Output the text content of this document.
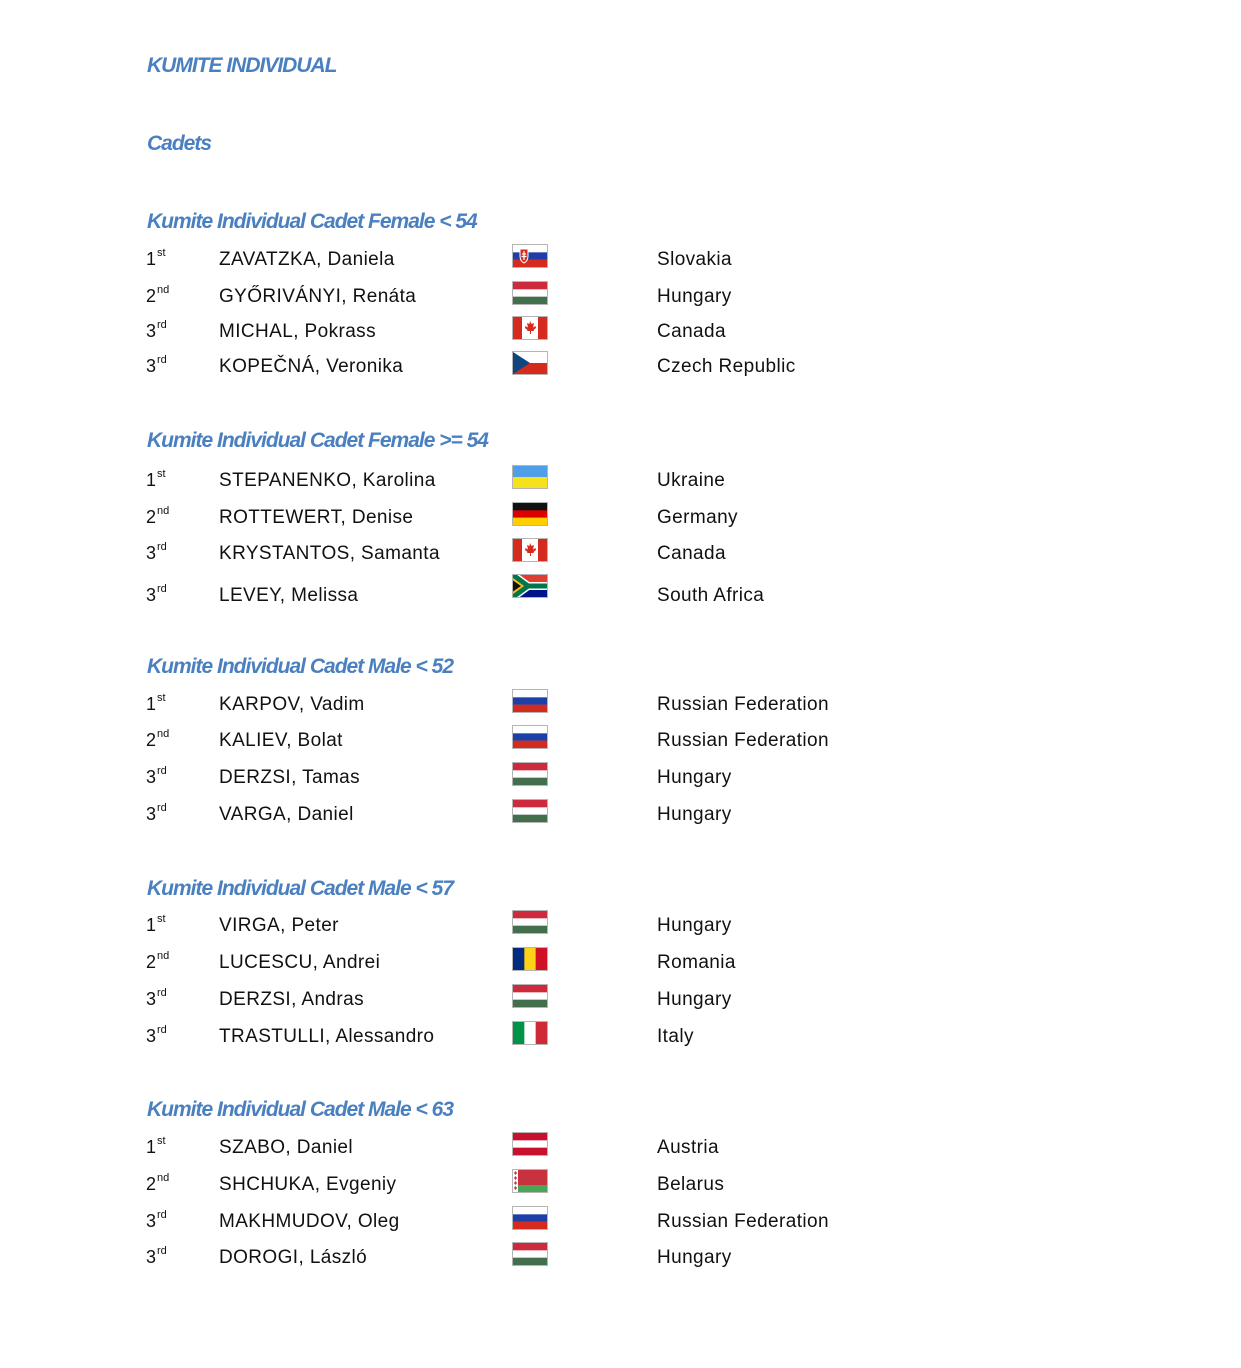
KUMITE INDIVIDUAL
Cadets
Kumite Individual Cadet Female < 54
1st	ZAVATZKA, Daniela	Slovakia
2nd	GYŐRIVÁNYI, Renáta	Hungary
3rd	MICHAL, Pokrass	Canada
3rd	KOPEČNÁ, Veronika	Czech Republic
Kumite Individual Cadet Female >= 54
1st	STEPANENKO, Karolina	Ukraine
2nd	ROTTEWERT, Denise	Germany
3rd	KRYSTANTOS, Samanta	Canada
3rd	LEVEY, Melissa	South Africa
Kumite Individual Cadet Male < 52
1st	KARPOV, Vadim	Russian Federation
2nd	KALIEV, Bolat	Russian Federation
3rd	DERZSI, Tamas	Hungary
3rd	VARGA, Daniel	Hungary
Kumite Individual Cadet Male < 57
1st	VIRGA, Peter	Hungary
2nd	LUCESCU, Andrei	Romania
3rd	DERZSI, Andras	Hungary
3rd	TRASTULLI, Alessandro	Italy
Kumite Individual Cadet Male < 63
1st	SZABO, Daniel	Austria
2nd	SHCHUKA, Evgeniy	Belarus
3rd	MAKHMUDOV, Oleg	Russian Federation
3rd	DOROGI, László	Hungary
